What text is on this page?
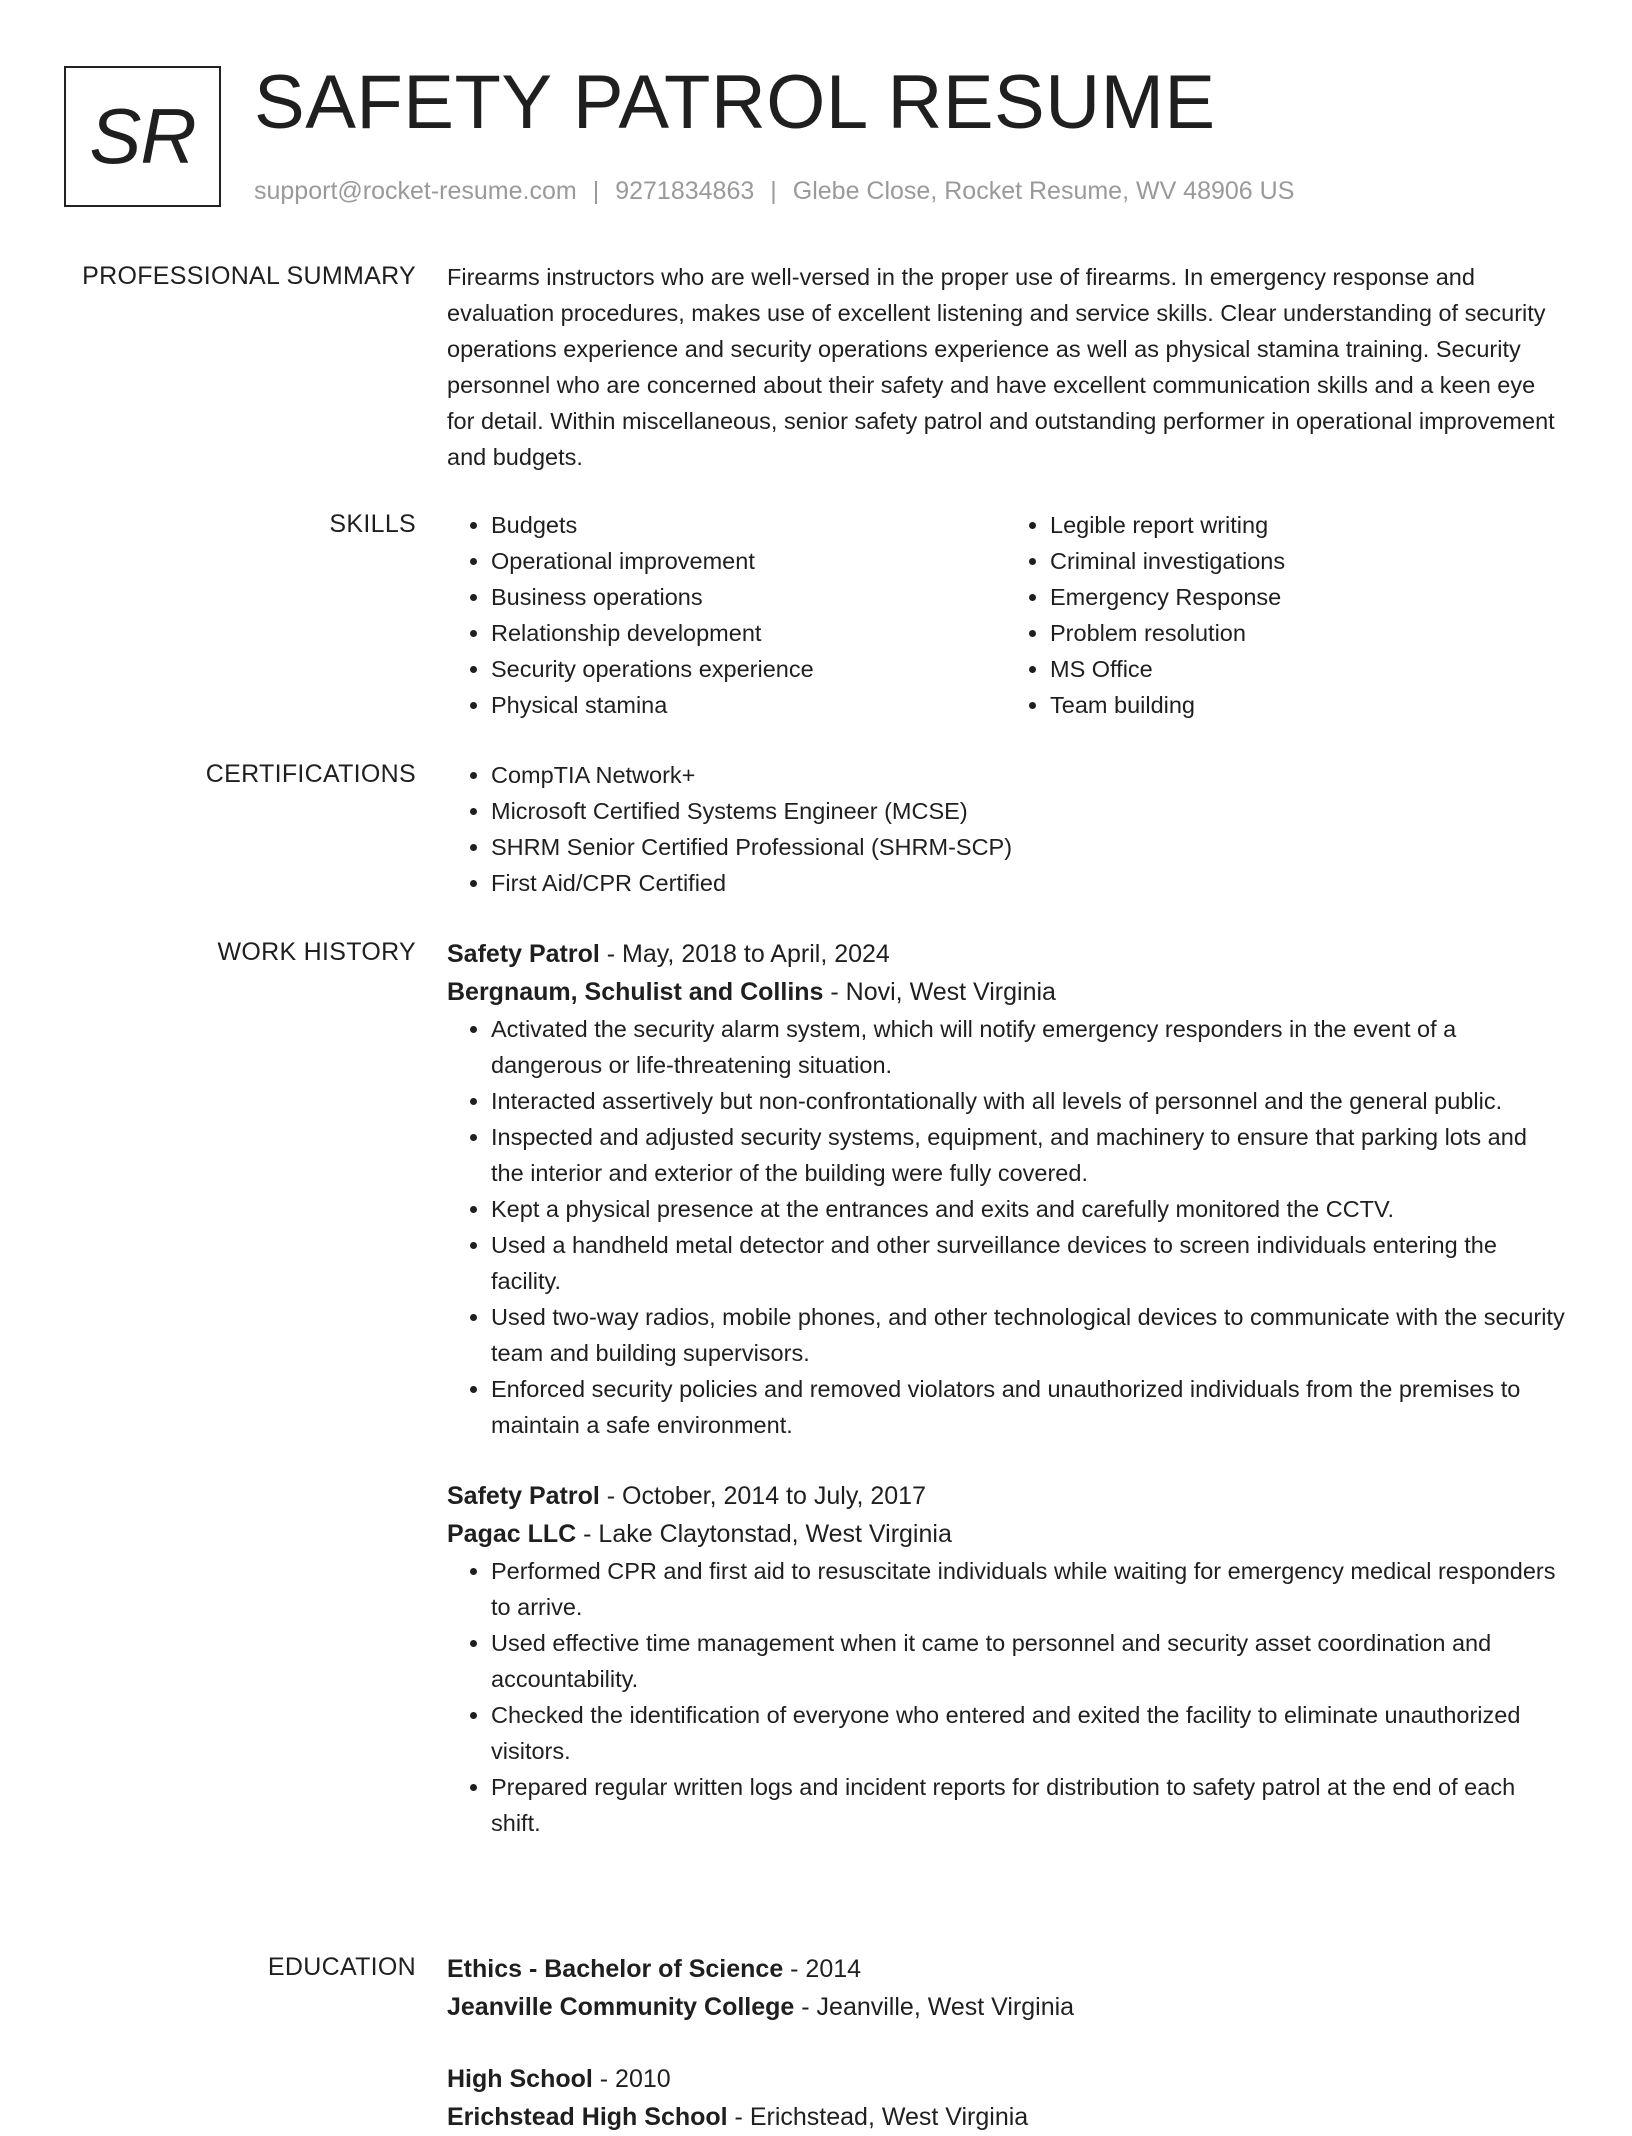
SR SAFETY PATROL RESUME
support@rocket-resume.com | 9271834863 | Glebe Close, Rocket Resume, WV 48906 US
PROFESSIONAL SUMMARY Firearms instructors who are well-versed in the proper use of firearms. In emergency response and evaluation procedures, makes use of excellent listening and service skills. Clear understanding of security operations experience and security operations experience as well as physical stamina training. Security personnel who are concerned about their safety and have excellent communication skills and a keen eye for detail. Within miscellaneous, senior safety patrol and outstanding performer in operational improvement and budgets.

SKILLS	• Budgets
• Operational improvement
• Business operations
• Relationship development
• Security operations experience
• Physical stamina
• Legible report writing
• Criminal investigations
• Emergency Response
• Problem resolution
• MS Office
• Team building
CERTIFICATIONS	• CompTIA Network+
• Microsoft Certified Systems Engineer (MCSE)
• SHRM Senior Certified Professional (SHRM-SCP)
• First Aid/CPR Certified
WORK HISTORY Safety Patrol - May, 2018 to April, 2024
Bergnaum, Schulist and Collins - Novi, West Virginia
• Activated the security alarm system, which will notify emergency responders in the event of a dangerous or life-threatening situation.
• Interacted assertively but non-confrontationally with all levels of personnel and the general public.
• Inspected and adjusted security systems, equipment, and machinery to ensure that parking lots and the interior and exterior of the building were fully covered.
• Kept a physical presence at the entrances and exits and carefully monitored the CCTV.
• Used a handheld metal detector and other surveillance devices to screen individuals entering the facility.
• Used two-way radios, mobile phones, and other technological devices to communicate with the security team and building supervisors.
• Enforced security policies and removed violators and unauthorized individuals from the premises to maintain a safe environment.
Safety Patrol - October, 2014 to July, 2017
Pagac LLC - Lake Claytonstad, West Virginia
• Performed CPR and first aid to resuscitate individuals while waiting for emergency medical responders to arrive.
• Used effective time management when it came to personnel and security asset coordination and accountability.
• Checked the identification of everyone who entered and exited the facility to eliminate unauthorized visitors.
• Prepared regular written logs and incident reports for distribution to safety patrol at the end of each shift.
EDUCATION Ethics - Bachelor of Science - 2014
Jeanville Community College - Jeanville, West Virginia
High School - 2010
Erichstead High School - Erichstead, West Virginia
